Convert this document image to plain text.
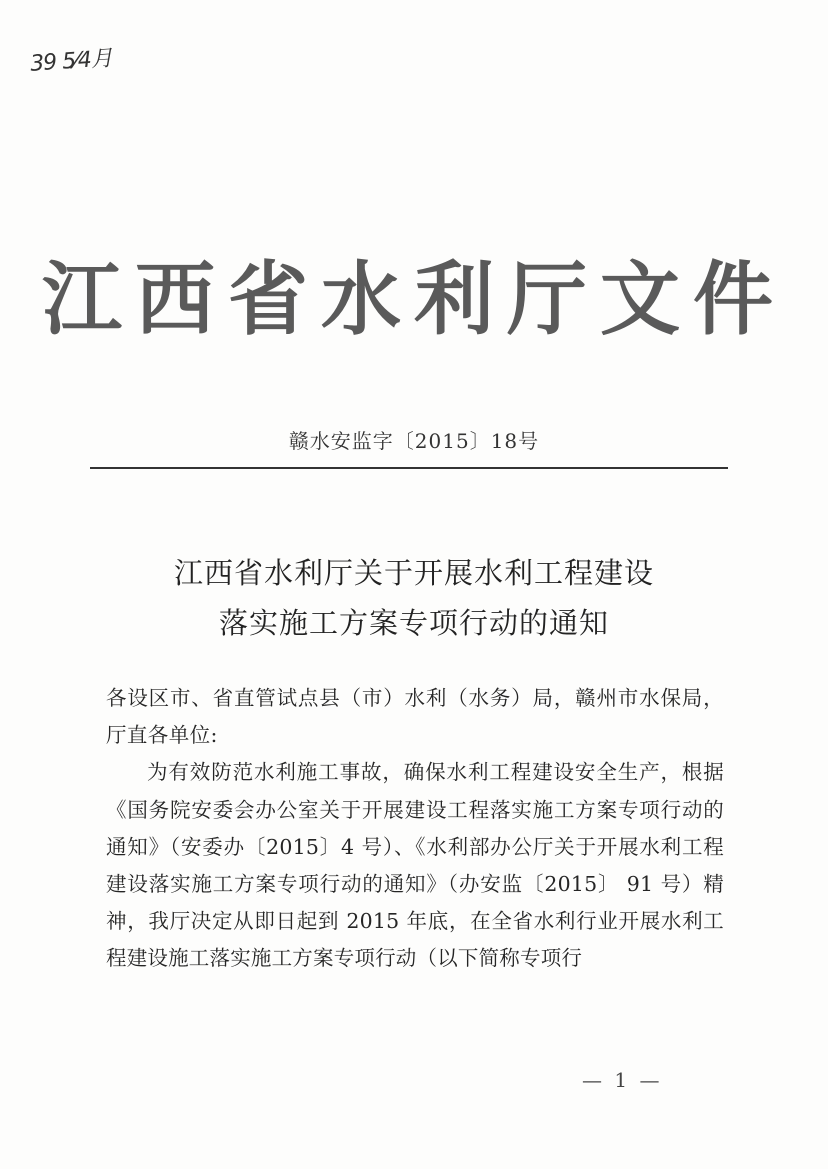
39 5⁄4月
江西省水利厅文件
赣水安监字〔2015〕18号
江西省水利厅关于开展水利工程建设
落实施工方案专项行动的通知

各设区市、省直管试点县（市）水利（水务）局，赣州市水保局，厅直各单位:

为有效防范水利施工事故，确保水利工程建设安全生产，根据《国务院安委会办公室关于开展建设工程落实施工方案专项行动的通知》（安委办〔2015〕4 号）、《水利部办公厅关于开展水利工程建设落实施工方案专项行动的通知》（办安监〔2015〕 91 号）精神，我厅决定从即日起到 2015 年底，在全省水利行业开展水利工程建设施工落实施工方案专项行动（以下简称专项行

— 1 —
